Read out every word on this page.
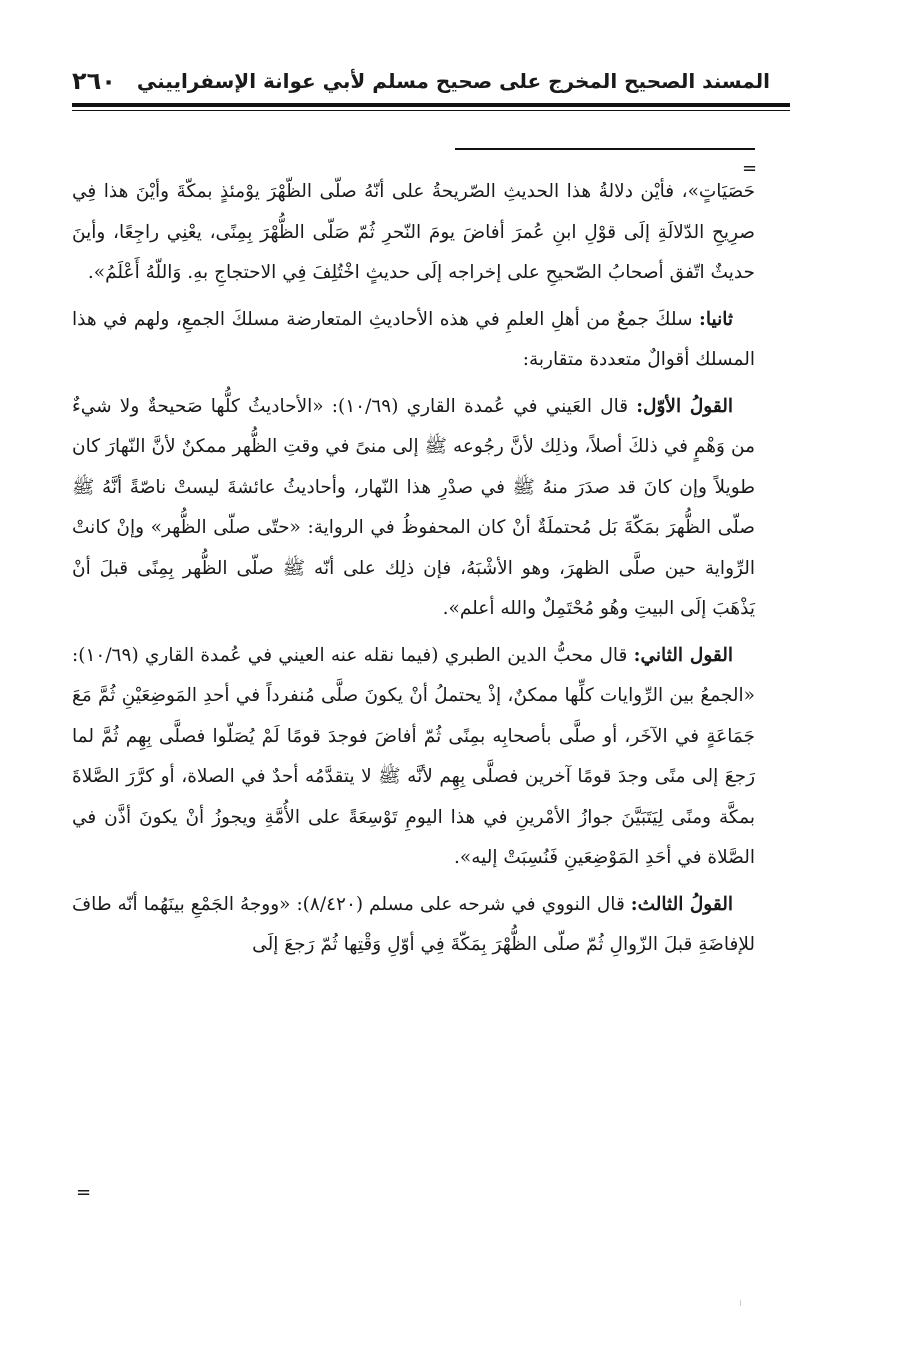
المسند الصحيح المخرج على صحيح مسلم لأبي عوانة الإسفراييني
٢٦٠
=

حَصَيَاتٍ»، فأيْن دلالةُ هذا الحديثِ الصّريحةُ على أنّهُ صلّى الظّهْرَ يوْمئذٍ بمكّةَ وأيْنَ هذا فِي صرِيحِ الدّلالَةِ إلَى قوْلِ ابنِ عُمرَ أفاضَ يومَ النّحرِ ثُمّ صَلّى الظُّهْرَ بِمِنًى، يعْنِي راجِعًا، وأينَ حديثٌ اتّفق أصحابُ الصّحيحِ على إخراجه إلَى حديثٍ اخْتُلِفَ فِي الاحتجاجِ بهِ. وَاللّهُ أَعْلَمُ».

ثانيا: سلكَ جمعٌ من أهلِ العلمِ في هذه الأحاديثِ المتعارضة مسلكَ الجمعِ، ولهم في هذا المسلك أقوالٌ متعددة متقاربة:

القولُ الأوّل: قال العَيني في عُمدة القاري (١٠/٦٩): «الأحاديثُ كلُّها صَحيحةٌ ولا شيءٌ من وَهْمٍ في ذلكَ أصلاً، وذلِك لأنَّ رجُوعه ﷺ إلى منىً في وقتِ الظُّهر ممكنٌ لأنَّ النّهارَ كان طويلاً وإن كانَ قد صدَرَ منهُ ﷺ في صدْرِ هذا النّهار، وأحاديثُ عائشةَ ليستْ ناصّةً أنَّهُ ﷺ صلّى الظُّهرَ بمَكّةَ بَل مُحتملَةٌ أنْ كان المحفوظُ في الرواية: «حتّى صلّى الظُّهر» وإنْ كانتْ الرِّواية حين صلَّى الظهرَ، وهو الأشْبَهُ، فإن ذلِك على أنّه ﷺ صلّى الظُّهر بِمِنًى قبلَ أنْ يَذْهَبَ إلَى البيتِ وهُو مُحْتَمِلٌ والله أعلم».

القول الثاني: قال محبُّ الدين الطبري (فيما نقله عنه العيني في عُمدة القاري (١٠/٦٩): «الجمعُ بين الرِّوايات كلِّها ممكنٌ، إذْ يحتملُ أنْ يكونَ صلَّى مُنفرداً في أحدِ المَوضِعَيْنِ ثُمَّ مَعَ جَمَاعَةٍ في الآخَر، أو صلَّى بأصحابِه بمِنًى ثُمّ أفاضَ فوجدَ قومًا لَمْ يُصَلّوا فصلَّى بِهِم ثُمَّ لما رَجعَ إلى منًى وجدَ قومًا آخرين فصلَّى بِهِم لأنَّه ﷺ لا يتقدَّمُه أحدٌ في الصلاة، أو كرَّرَ الصَّلاةَ بمكَّة ومنًى لِيَتَبَيَّنَ جوازُ الأمْرينِ في هذا اليومِ تَوْسِعَةً على الأُمَّةِ ويجوزُ أنْ يكونَ أذَّن في الصَّلاة في أحَدِ المَوْضِعَينِ فَنُسِبَتْ إليه».

القولُ الثالث: قال النووي في شرحه على مسلم (٨/٤٢٠): «ووجهُ الجَمْعِ بينَهُما أنّه طافَ للإفاضَةِ قبلَ الزّوالِ ثُمّ صلّى الظُّهْرَ بِمَكّةَ فِي أوّلِ وَقْتِها ثُمّ رَجعَ إلَى

=
